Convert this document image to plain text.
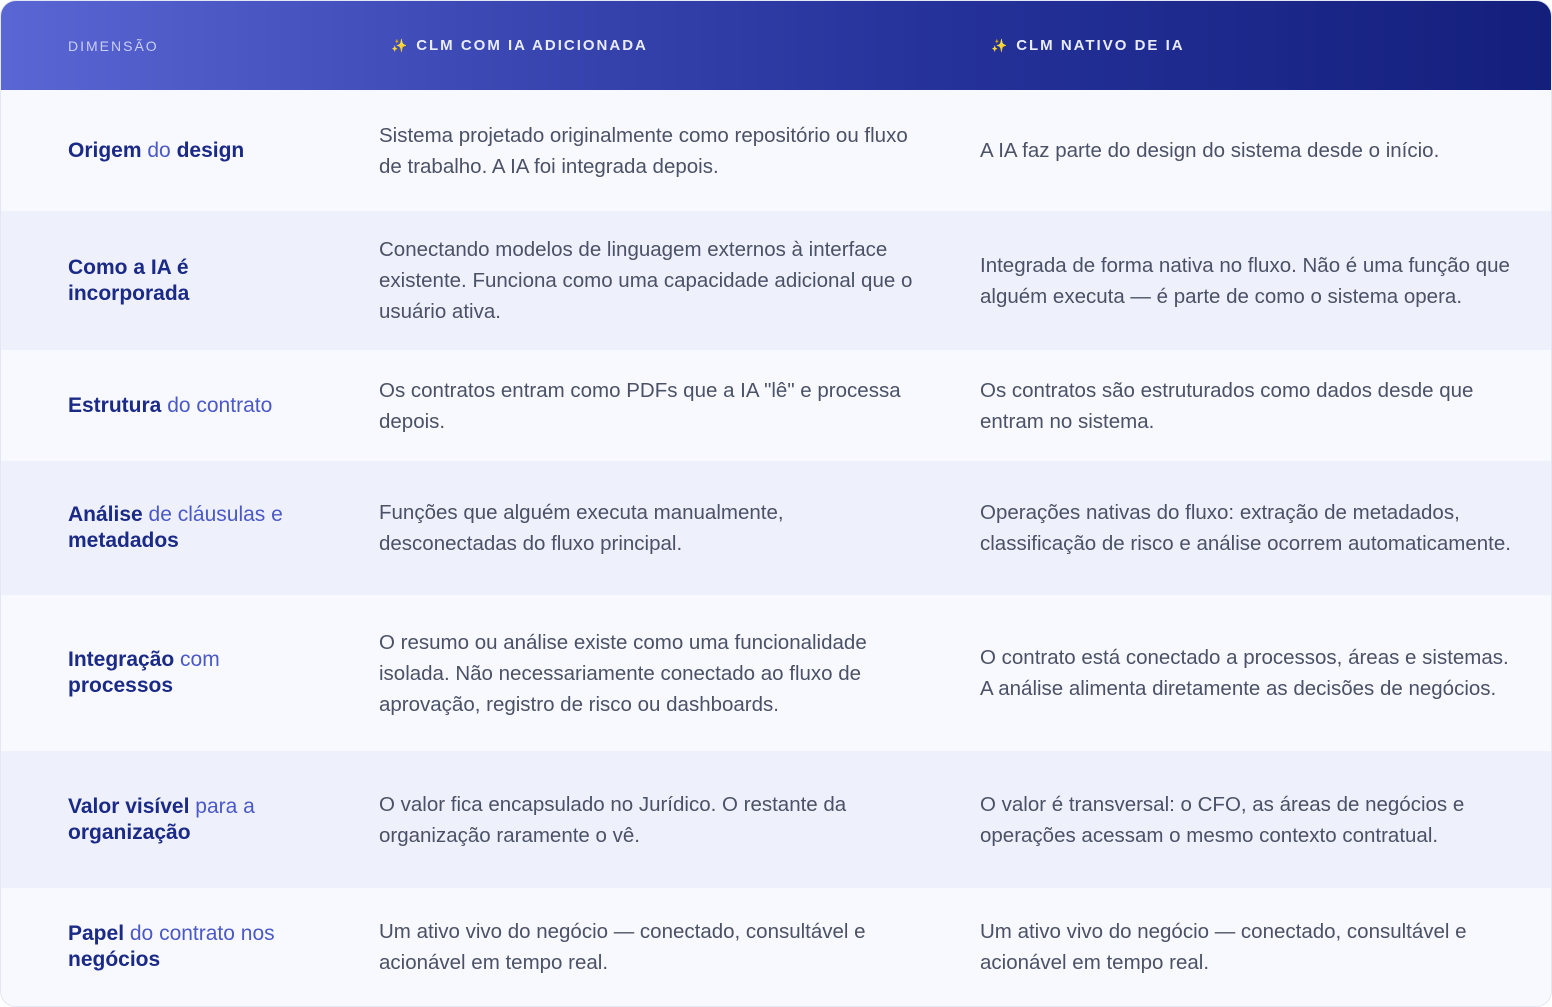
DIMENSÃO	✨ CLM COM IA ADICIONADA	✨ CLM NATIVO DE IA
Origem do design
Sistema projetado originalmente como repositório ou fluxo de trabalho. A IA foi integrada depois.
A IA faz parte do design do sistema desde o início.
Como a IA é incorporada
Conectando modelos de linguagem externos à interface existente. Funciona como uma capacidade adicional que o usuário ativa.
Integrada de forma nativa no fluxo. Não é uma função que alguém executa — é parte de como o sistema opera.
Estrutura do contrato
Os contratos entram como PDFs que a IA "lê" e processa depois.
Os contratos são estruturados como dados desde que entram no sistema.
Análise de cláusulas e metadados
Funções que alguém executa manualmente, desconectadas do fluxo principal.
Operações nativas do fluxo: extração de metadados, classificação de risco e análise ocorrem automaticamente.
Integração com processos
O resumo ou análise existe como uma funcionalidade isolada. Não necessariamente conectado ao fluxo de aprovação, registro de risco ou dashboards.
O contrato está conectado a processos, áreas e sistemas. A análise alimenta diretamente as decisões de negócios.
Valor visível para a organização
O valor fica encapsulado no Jurídico. O restante da organização raramente o vê.
O valor é transversal: o CFO, as áreas de negócios e operações acessam o mesmo contexto contratual.
Papel do contrato nos negócios
Um ativo vivo do negócio — conectado, consultável e acionável em tempo real.
Um ativo vivo do negócio — conectado, consultável e acionável em tempo real.
